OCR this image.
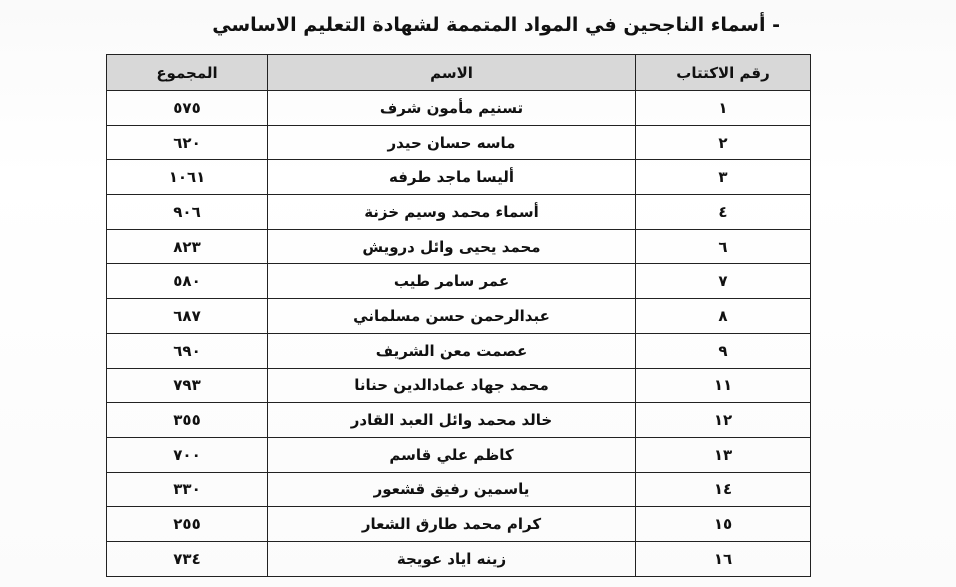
- أسماء الناجحين في المواد المتممة لشهادة التعليم الاساسي
رقم الاكتتاب	الاسم	المجموع
١	تسنيم مأمون شرف	٥٧٥
٢	ماسه حسان حيدر	٦٢٠
٣	أليسا ماجد طرفه	١٠٦١
٤	أسماء محمد وسيم خزنة	٩٠٦
٦	محمد يحيى وائل درويش	٨٢٣
٧	عمر سامر طيب	٥٨٠
٨	عبدالرحمن حسن مسلماني	٦٨٧
٩	عصمت معن الشريف	٦٩٠
١١	محمد جهاد عمادالدين حنانا	٧٩٣
١٢	خالد محمد وائل العبد القادر	٣٥٥
١٣	كاظم علي قاسم	٧٠٠
١٤	ياسمين رفيق قشعور	٣٣٠
١٥	كرام محمد طارق الشعار	٢٥٥
١٦	زينه اياد عويجة	٧٣٤
